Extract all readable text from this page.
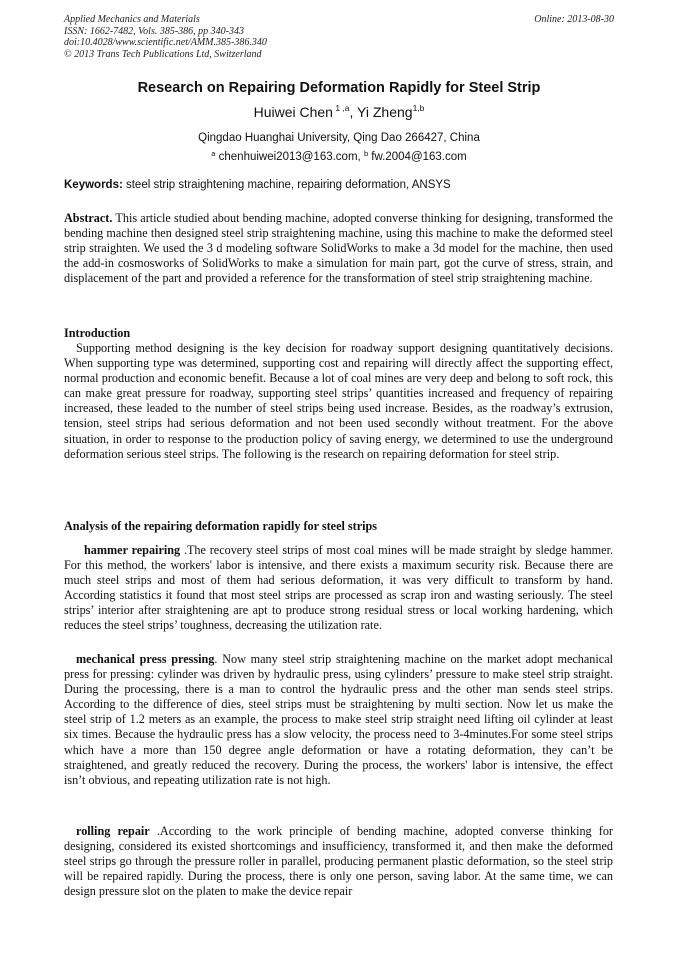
Applied Mechanics and Materials
ISSN: 1662-7482, Vols. 385-386, pp 340-343
doi:10.4028/www.scientific.net/AMM.385-386.340
© 2013 Trans Tech Publications Ltd, Switzerland
Online: 2013-08-30
Research on Repairing Deformation Rapidly for Steel Strip
Huiwei Chen $^{1 ,a}$, Yi Zheng$^{1,b}$
Qingdao Huanghai University, Qing Dao 266427, China
$^a$ chenhuiwei2013@163.com, $^b$ fw.2004@163.com
Keywords: steel strip straightening machine, repairing deformation, ANSYS
Abstract. This article studied about bending machine, adopted converse thinking for designing, transformed the bending machine then designed steel strip straightening machine, using this machine to make the deformed steel strip straighten. We used the 3 d modeling software SolidWorks to make a 3d model for the machine, then used the add-in cosmosworks of SolidWorks to make a simulation for main part, got the curve of stress, strain, and displacement of the part and provided a reference for the transformation of steel strip straightening machine.
Introduction
Supporting method designing is the key decision for roadway support designing quantitatively decisions. When supporting type was determined, supporting cost and repairing will directly affect the supporting effect, normal production and economic benefit. Because a lot of coal mines are very deep and belong to soft rock, this can make great pressure for roadway, supporting steel strips’ quantities increased and frequency of repairing increased, these leaded to the number of steel strips being used increase. Besides, as the roadway’s extrusion, tension, steel strips had serious deformation and not been used secondly without treatment. For the above situation, in order to response to the production policy of saving energy, we determined to use the underground deformation serious steel strips. The following is the research on repairing deformation for steel strip.
Analysis of the repairing deformation rapidly for steel strips
hammer repairing .The recovery steel strips of most coal mines will be made straight by sledge hammer. For this method, the workers' labor is intensive, and there exists a maximum security risk. Because there are much steel strips and most of them had serious deformation, it was very difficult to transform by hand. According statistics it found that most steel strips are processed as scrap iron and wasting seriously. The steel strips’ interior after straightening are apt to produce strong residual stress or local working hardening, which reduces the steel strips’ toughness, decreasing the utilization rate.
mechanical press pressing. Now many steel strip straightening machine on the market adopt mechanical press for pressing: cylinder was driven by hydraulic press, using cylinders’ pressure to make steel strip straight. During the processing, there is a man to control the hydraulic press and the other man sends steel strips. According to the difference of dies, steel strips must be straightening by multi section. Now let us make the steel strip of 1.2 meters as an example, the process to make steel strip straight need lifting oil cylinder at least six times. Because the hydraulic press has a slow velocity, the process need to 3-4minutes.For some steel strips which have a more than 150 degree angle deformation or have a rotating deformation, they can’t be straightened, and greatly reduced the recovery. During the process, the workers' labor is intensive, the effect isn’t obvious, and repeating utilization rate is not high.
rolling repair .According to the work principle of bending machine, adopted converse thinking for designing, considered its existed shortcomings and insufficiency, transformed it, and then make the deformed steel strips go through the pressure roller in parallel, producing permanent plastic deformation, so the steel strip will be repaired rapidly. During the process, there is only one person, saving labor. At the same time, we can design pressure slot on the platen to make the device repair
